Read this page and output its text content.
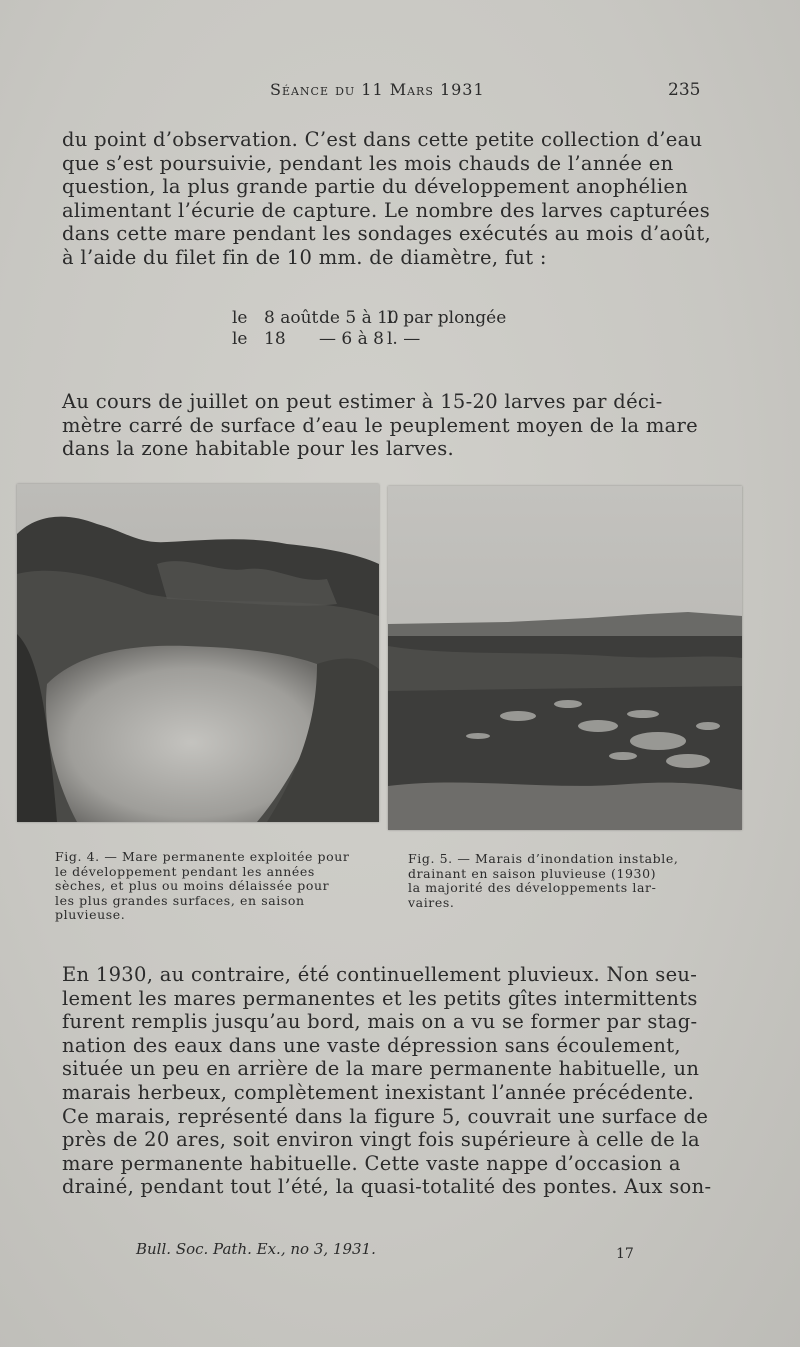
Séance du 11 Mars 1931	235
du point d’observation. C’est dans cette petite collection d’eau
que s’est poursuivie, pendant les mois chauds de l’année en
question, la plus grande partie du développement anophélien
alimentant l’écurie de capture. Le nombre des larves capturées
dans cette mare pendant les sondages exécutés au mois d’août,
à l’aide du filet fin de 10 mm. de diamètre, fut :
le 8 aoûtde 5 à 10l. par plongée
le 18 — 6 à 8 l. —
Au cours de juillet on peut estimer à 15-20 larves par déci-
mètre carré de surface d’eau le peuplement moyen de la mare
dans la zone habitable pour les larves.
Fig. 4. — Mare permanente exploitée pour
le développement pendant les années
sèches, et plus ou moins délaissée pour
les plus grandes surfaces, en saison
pluvieuse.
Fig. 5. — Marais d’inondation instable,
drainant en saison pluvieuse (1930)
la majorité des développements lar-
vaires.
En 1930, au contraire, été continuellement pluvieux. Non seu-
lement les mares permanentes et les petits gîtes intermittents
furent remplis jusqu’au bord, mais on a vu se former par stag-
nation des eaux dans une vaste dépression sans écoulement,
située un peu en arrière de la mare permanente habituelle, un
marais herbeux, complètement inexistant l’année précédente.
Ce marais, représenté dans la figure 5, couvrait une surface de
près de 20 ares, soit environ vingt fois supérieure à celle de la
mare permanente habituelle. Cette vaste nappe d’occasion a
drainé, pendant tout l’été, la quasi-totalité des pontes. Aux son-
Bull. Soc. Path. Ex., no 3, 1931.	17
